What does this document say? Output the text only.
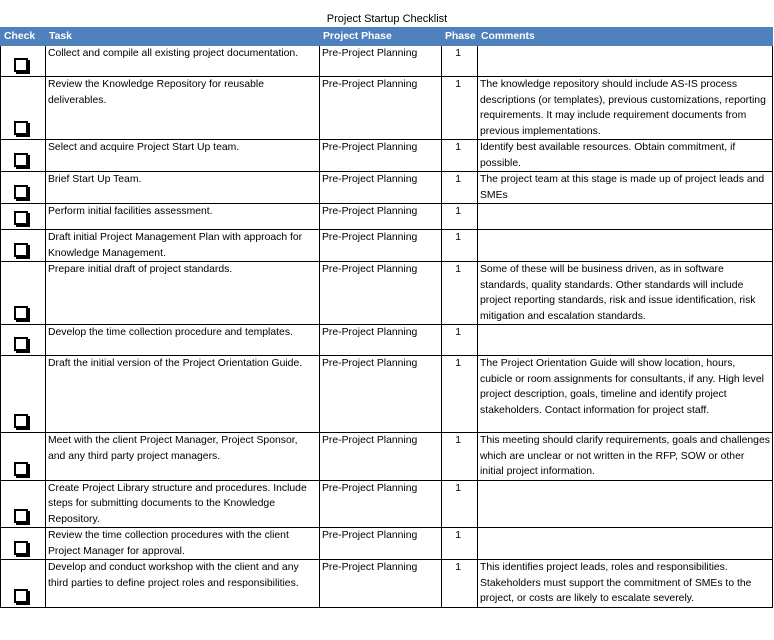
Project Startup Checklist
Check	Task	Project Phase	Phase	Comments

	Collect and compile all existing project documentation.	Pre-Project Planning	1	

	Review the Knowledge Repository for reusable deliverables.	Pre-Project Planning	1	The knowledge repository should include AS-IS process descriptions (or templates), previous customizations, reporting requirements. It may include requirement documents from previous implementations.

	Select and acquire Project Start Up team.	Pre-Project Planning	1	Identify best available resources. Obtain commitment, if possible.

	Brief Start Up Team.	Pre-Project Planning	1	The project team at this stage is made up of project leads and SMEs

	Perform initial facilities assessment.	Pre-Project Planning	1	

	Draft initial Project Management Plan with approach for Knowledge Management.	Pre-Project Planning	1	

	Prepare initial draft of project standards.	Pre-Project Planning	1	Some of these will be business driven, as in software standards, quality standards. Other standards will include project reporting standards, risk and issue identification, risk mitigation and escalation standards.

	Develop the time collection procedure and templates.	Pre-Project Planning	1	

	Draft the initial version of the Project Orientation Guide.	Pre-Project Planning	1	The Project Orientation Guide will show location, hours, cubicle or room assignments for consultants, if any. High level project description, goals, timeline and identify project stakeholders. Contact information for project staff.

	Meet with the client Project Manager, Project Sponsor, and any third party project managers.	Pre-Project Planning	1	This meeting should clarify requirements, goals and challenges which are unclear or not written in the RFP, SOW or other initial project information.

	Create Project Library structure and procedures. Include steps for submitting documents to the Knowledge Repository.	Pre-Project Planning	1	

	Review the time collection procedures with the client Project Manager for approval.	Pre-Project Planning	1	

	Develop and conduct workshop with the client and any third parties to define project roles and responsibilities.	Pre-Project Planning	1	This identifies project leads, roles and responsibilities. Stakeholders must support the commitment of SMEs to the project, or costs are likely to escalate severely.
